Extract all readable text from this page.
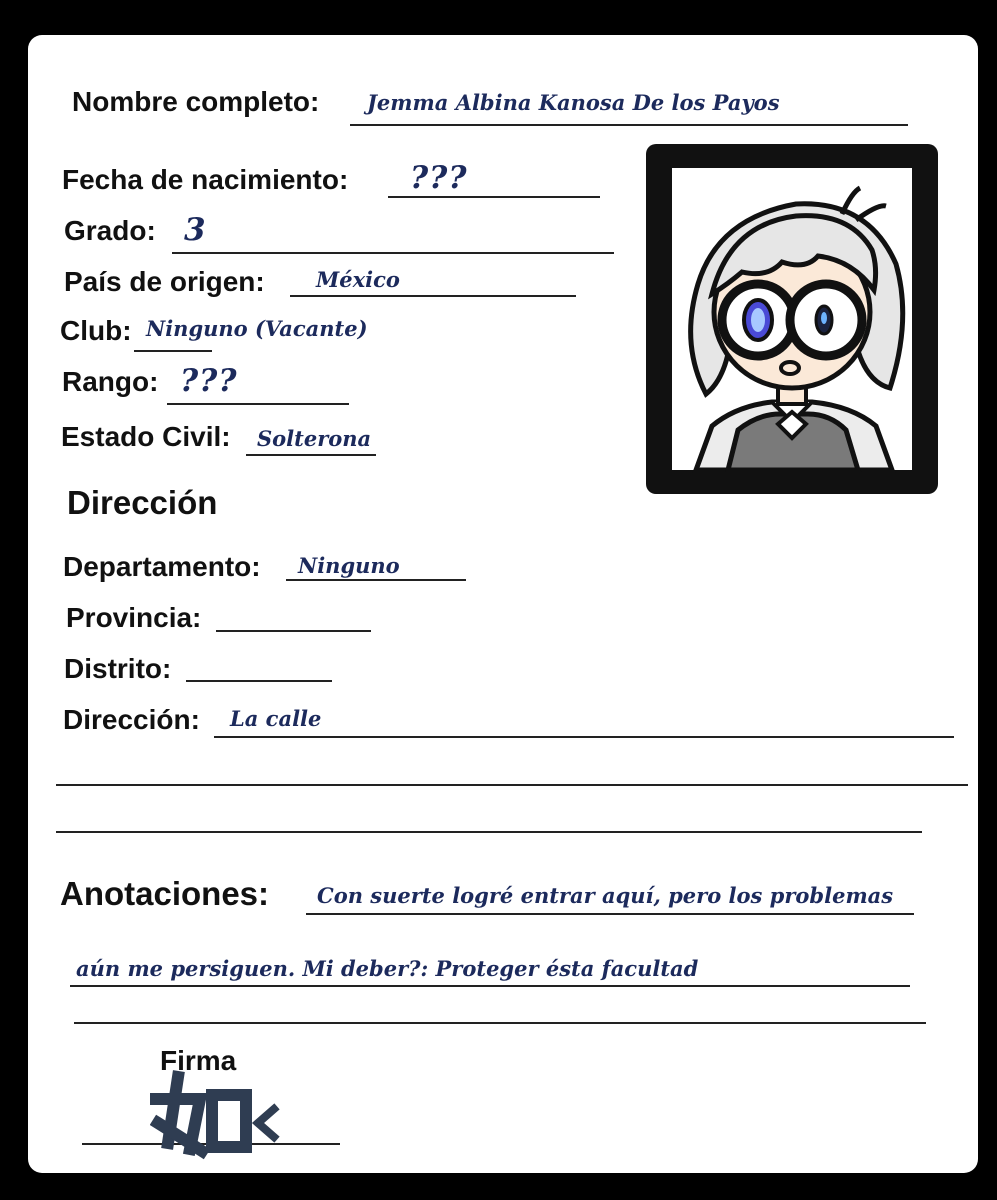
Nombre completo: Jemma Albina Kanosa De los Payos
Fecha de nacimiento: ???
Grado: 3
País de origen: México
Club: Ninguno (Vacante)
Rango: ???
Estado Civil: Solterona
Dirección
Departamento: Ninguno
Provincia:
Distrito:
Dirección: La calle
Anotaciones: Con suerte logré entrar aquí, pero los problemas
aún me persiguen. Mi deber?: Proteger ésta facultad
Firma
